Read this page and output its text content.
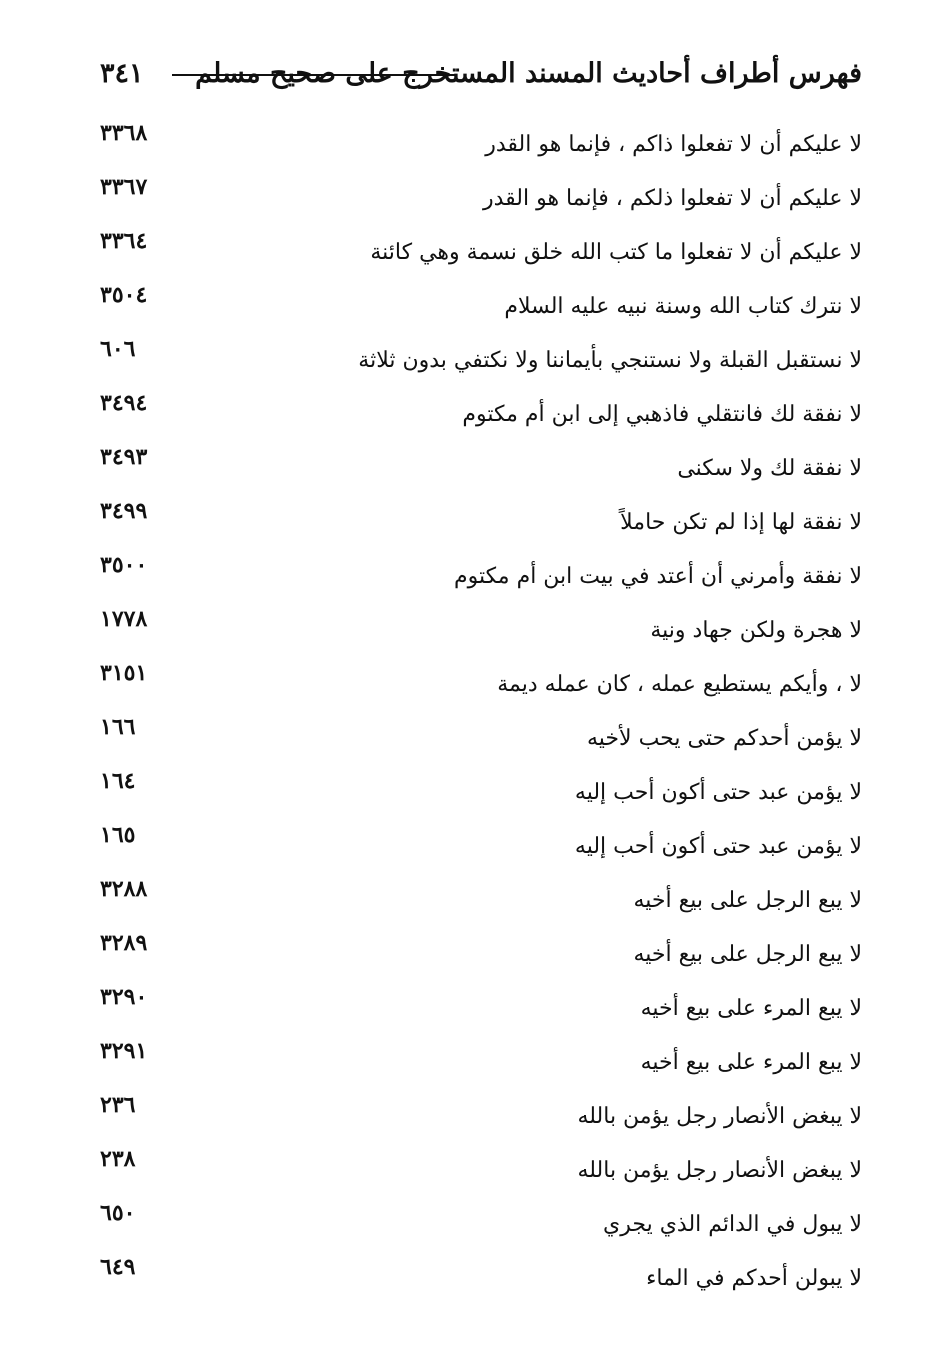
٣٤١ فهرس أطراف أحاديث المسند المستخرج على صحيح مسلم
٣٣٦٨	لا عليكم أن لا تفعلوا ذاكم ، فإنما هو القدر
٣٣٦٧	لا عليكم أن لا تفعلوا ذلكم ، فإنما هو القدر
٣٣٦٤	لا عليكم أن لا تفعلوا ما كتب الله خلق نسمة وهي كائنة
٣٥٠٤	لا نترك كتاب الله وسنة نبيه عليه السلام
٦٠٦	لا نستقبل القبلة ولا نستنجي بأيماننا ولا نكتفي بدون ثلاثة
٣٤٩٤	لا نفقة لك فانتقلي فاذهبي إلى ابن أم مكتوم
٣٤٩٣	لا نفقة لك ولا سكنى
٣٤٩٩	لا نفقة لها إذا لم تكن حاملاً
٣٥٠٠	لا نفقة وأمرني أن أعتد في بيت ابن أم مكتوم
١٧٧٨	لا هجرة ولكن جهاد ونية
٣١٥١	لا ، وأيكم يستطيع عمله ، كان عمله ديمة
١٦٦	لا يؤمن أحدكم حتى يحب لأخيه
١٦٤	لا يؤمن عبد حتى أكون أحب إليه
١٦٥	لا يؤمن عبد حتى أكون أحب إليه
٣٢٨٨	لا يبع الرجل على بيع أخيه
٣٢٨٩	لا يبع الرجل على بيع أخيه
٣٢٩٠	لا يبع المرء على بيع أخيه
٣٢٩١	لا يبع المرء على بيع أخيه
٢٣٦	لا يبغض الأنصار رجل يؤمن بالله
٢٣٨	لا يبغض الأنصار رجل يؤمن بالله
٦٥٠	لا يبول في الدائم الذي يجري
٦٤٩	لا يبولن أحدكم في الماء
